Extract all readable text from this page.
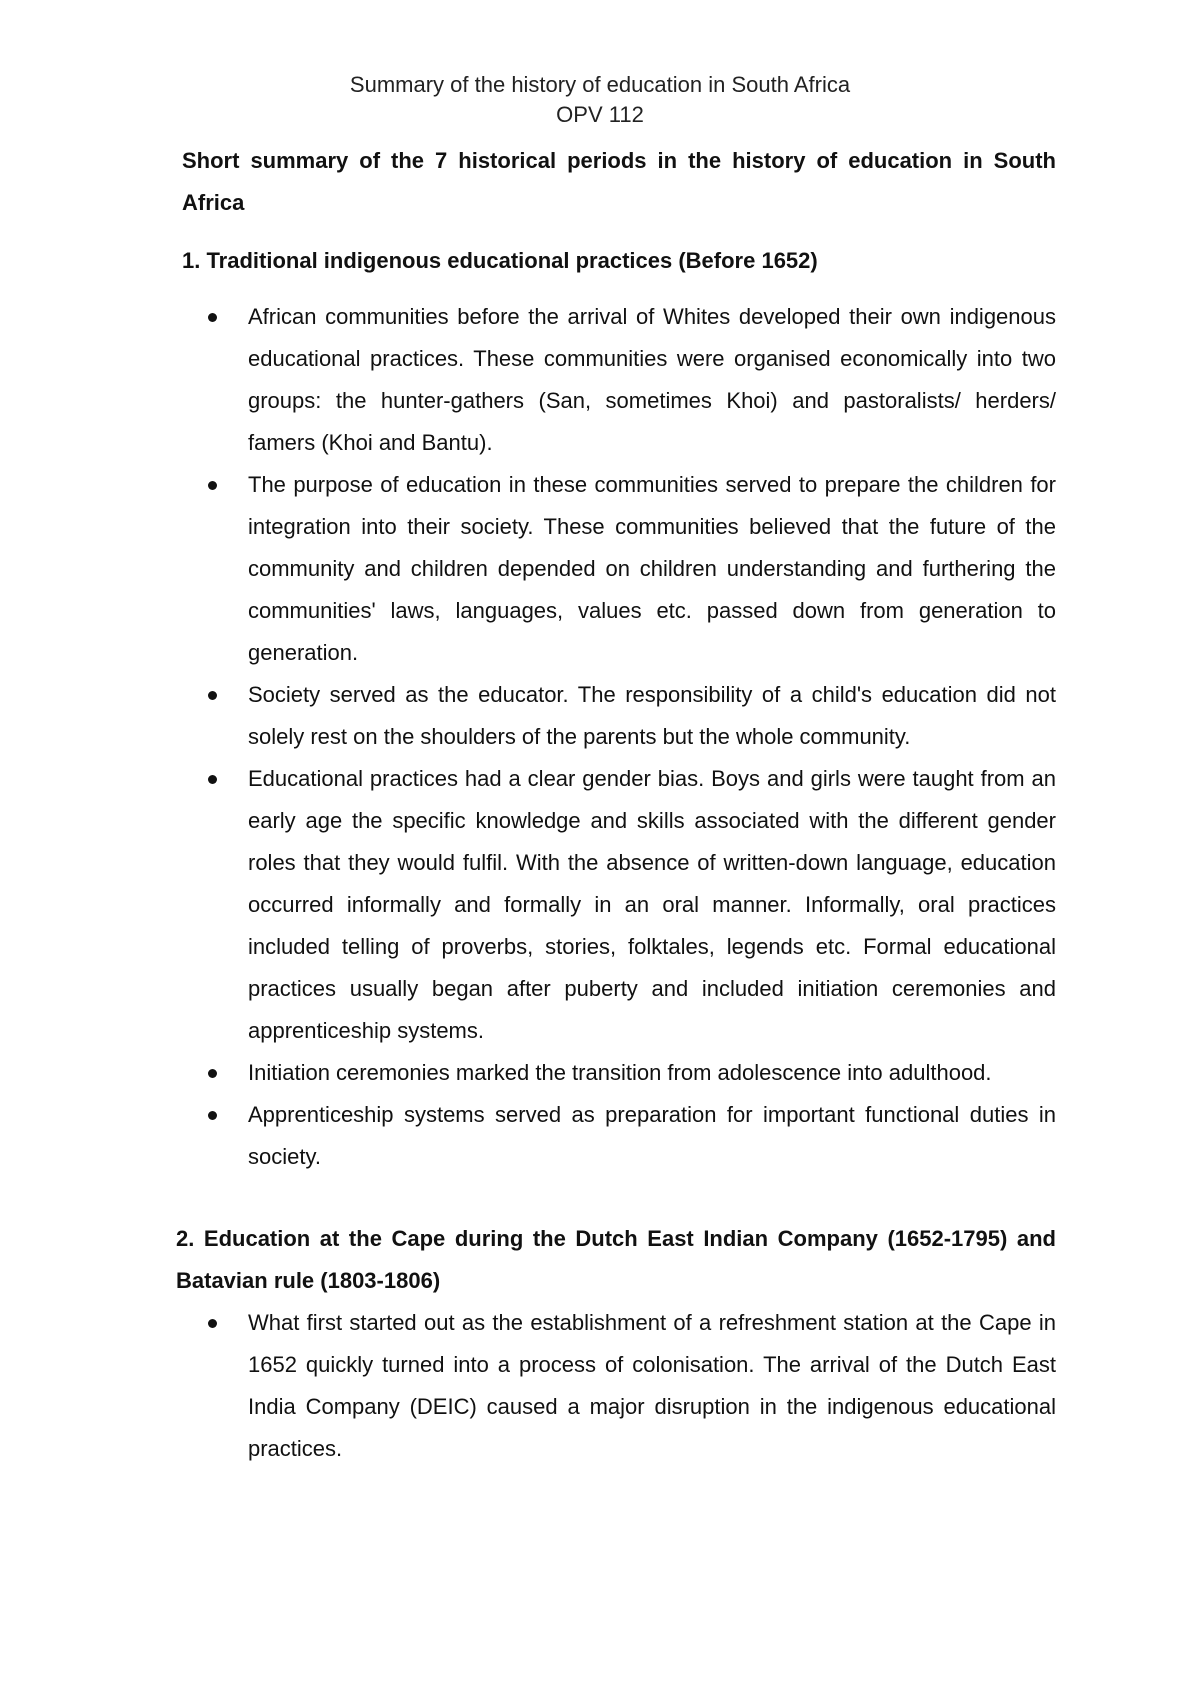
Summary of the history of education in South Africa
OPV 112

Short summary of the 7 historical periods in the history of education in South Africa

1. Traditional indigenous educational practices (Before 1652)

African communities before the arrival of Whites developed their own indigenous educational practices. These communities were organised economically into two groups: the hunter-gathers (San, sometimes Khoi) and pastoralists/ herders/ famers (Khoi and Bantu).
The purpose of education in these communities served to prepare the children for integration into their society. These communities believed that the future of the community and children depended on children understanding and furthering the communities' laws, languages, values etc. passed down from generation to generation.
Society served as the educator. The responsibility of a child's education did not solely rest on the shoulders of the parents but the whole community.
Educational practices had a clear gender bias. Boys and girls were taught from an early age the specific knowledge and skills associated with the different gender roles that they would fulfil. With the absence of written-down language, education occurred informally and formally in an oral manner. Informally, oral practices included telling of proverbs, stories, folktales, legends etc. Formal educational practices usually began after puberty and included initiation ceremonies and apprenticeship systems.
Initiation ceremonies marked the transition from adolescence into adulthood.
Apprenticeship systems served as preparation for important functional duties in society.

2. Education at the Cape during the Dutch East Indian Company (1652-1795) and Batavian rule (1803-1806)

What first started out as the establishment of a refreshment station at the Cape in 1652 quickly turned into a process of colonisation. The arrival of the Dutch East India Company (DEIC) caused a major disruption in the indigenous educational practices.
